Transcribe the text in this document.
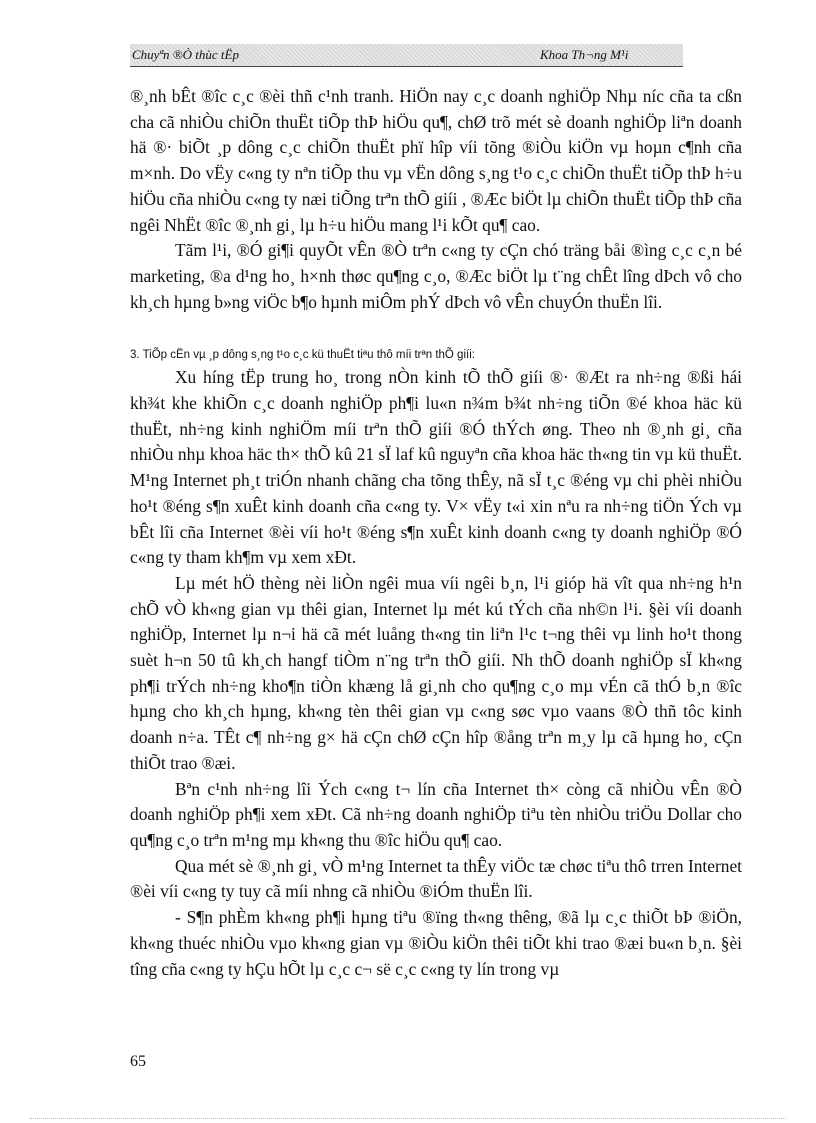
Chuyªn ®Ò thùc tËp	Khoa Th¬ng M¹i

®¸nh bÊt ®îc c¸c ®èi thñ c¹nh tranh. HiÖn nay c¸c doanh nghiÖp Nhµ níc cña ta cßn cha cã nhiÒu chiÕn thuËt tiÕp thÞ hiÖu qu¶, chØ trõ mét sè doanh nghiÖp liªn doanh hä ®· biÕt ¸p dông c¸c chiÕn thuËt phï hîp víi tõng ®iÒu kiÖn vµ hoµn c¶nh cña m×nh. Do vËy c«ng ty nªn tiÕp thu vµ vËn dông s¸ng t¹o c¸c chiÕn thuËt tiÕp thÞ h÷u hiÖu cña nhiÒu c«ng ty næi tiÕng trªn thÕ giíi , ®Æc biÖt lµ chiÕn thuËt tiÕp thÞ cña ngêi NhËt ®îc ®¸nh gi¸ lµ h÷u hiÖu mang l¹i kÕt qu¶ cao.

Tãm l¹i, ®Ó gi¶i quyÕt vÊn ®Ò trªn c«ng ty cÇn chó träng båi ®ìng c¸c c¸n bé marketing, ®a d¹ng ho¸ h×nh thøc qu¶ng c¸o, ®Æc biÖt lµ t¨ng chÊt lîng dÞch vô cho kh¸ch hµng b»ng viÖc b¶o hµnh miÔm phÝ dÞch vô vÊn chuyÓn thuËn lîi.

3. TiÕp cËn vµ ¸p dông s¸ng t¹o c¸c kü thuËt tiªu thô míi trªn thÕ giíi:

Xu híng tËp trung ho¸ trong nÒn kinh tÕ thÕ giíi ®· ®Æt ra nh÷ng ®ßi hái kh¾t khe khiÕn c¸c doanh nghiÖp ph¶i lu«n n¾m b¾t nh÷ng tiÕn ®é khoa häc kü thuËt, nh÷ng kinh nghiÖm míi trªn thÕ giíi ®Ó thÝch øng. Theo nh ®¸nh gi¸ cña nhiÒu nhµ khoa häc th× thÕ kû 21 sÏ laf kû nguyªn cña khoa häc th«ng tin vµ kü thuËt. M¹ng Internet ph¸t triÓn nhanh chãng cha tõng thÊy, nã sÏ t¸c ®éng vµ chi phèi nhiÒu ho¹t ®éng s¶n xuÊt kinh doanh cña c«ng ty. V× vËy t«i xin nªu ra nh÷ng tiÖn Ých vµ bÊt lîi cña Internet ®èi víi ho¹t ®éng s¶n xuÊt kinh doanh c«ng ty doanh nghiÖp ®Ó c«ng ty tham kh¶m vµ xem xÐt.

Lµ mét hÖ thèng nèi liÒn ngêi mua víi ngêi b¸n, l¹i gióp hä vît qua nh÷ng h¹n chÕ vÒ kh«ng gian vµ thêi gian, Internet lµ mét kú tÝch cña nh©n l¹i. §èi víi doanh nghiÖp, Internet lµ n¬i hä cã mét luång th«ng tin liªn l¹c t¬ng thêi vµ linh ho¹t thong suèt h¬n 50 tû kh¸ch hangf tiÒm n¨ng trªn thÕ giíi. Nh thÕ doanh nghiÖp sÏ kh«ng ph¶i trÝch nh÷ng kho¶n tiÒn khæng lå gi¸nh cho qu¶ng c¸o mµ vÉn cã thÓ b¸n ®îc hµng cho kh¸ch hµng, kh«ng tèn thêi gian vµ c«ng søc vµo vaans ®Ò thñ tôc kinh doanh n÷a. TÊt c¶ nh÷ng g× hä cÇn chØ cÇn hîp ®ång trªn m¸y lµ cã hµng ho¸ cÇn thiÕt trao ®æi.

Bªn c¹nh nh÷ng lîi Ých c«ng t¬ lín cña Internet th× còng cã nhiÒu vÊn ®Ò doanh nghiÖp ph¶i xem xÐt. Cã nh÷ng doanh nghiÖp tiªu tèn nhiÒu triÖu Dollar cho qu¶ng c¸o trªn m¹ng mµ kh«ng thu ®îc hiÖu qu¶ cao.

Qua mét sè ®¸nh gi¸ vÒ m¹ng Internet ta thÊy viÖc tæ chøc tiªu thô trren Internet ®èi víi c«ng ty tuy cã míi nhng cã nhiÒu ®iÓm thuËn lîi.

- S¶n phÈm kh«ng ph¶i hµng tiªu ®ïng th«ng thêng, ®ã lµ c¸c thiÕt bÞ ®iÖn, kh«ng thuéc nhiÒu vµo kh«ng gian vµ ®iÒu kiÖn thêi tiÕt khi trao ®æi bu«n b¸n. §èi tîng cña c«ng ty hÇu hÕt lµ c¸c c¬ së c¸c c«ng ty lín trong vµ

65
